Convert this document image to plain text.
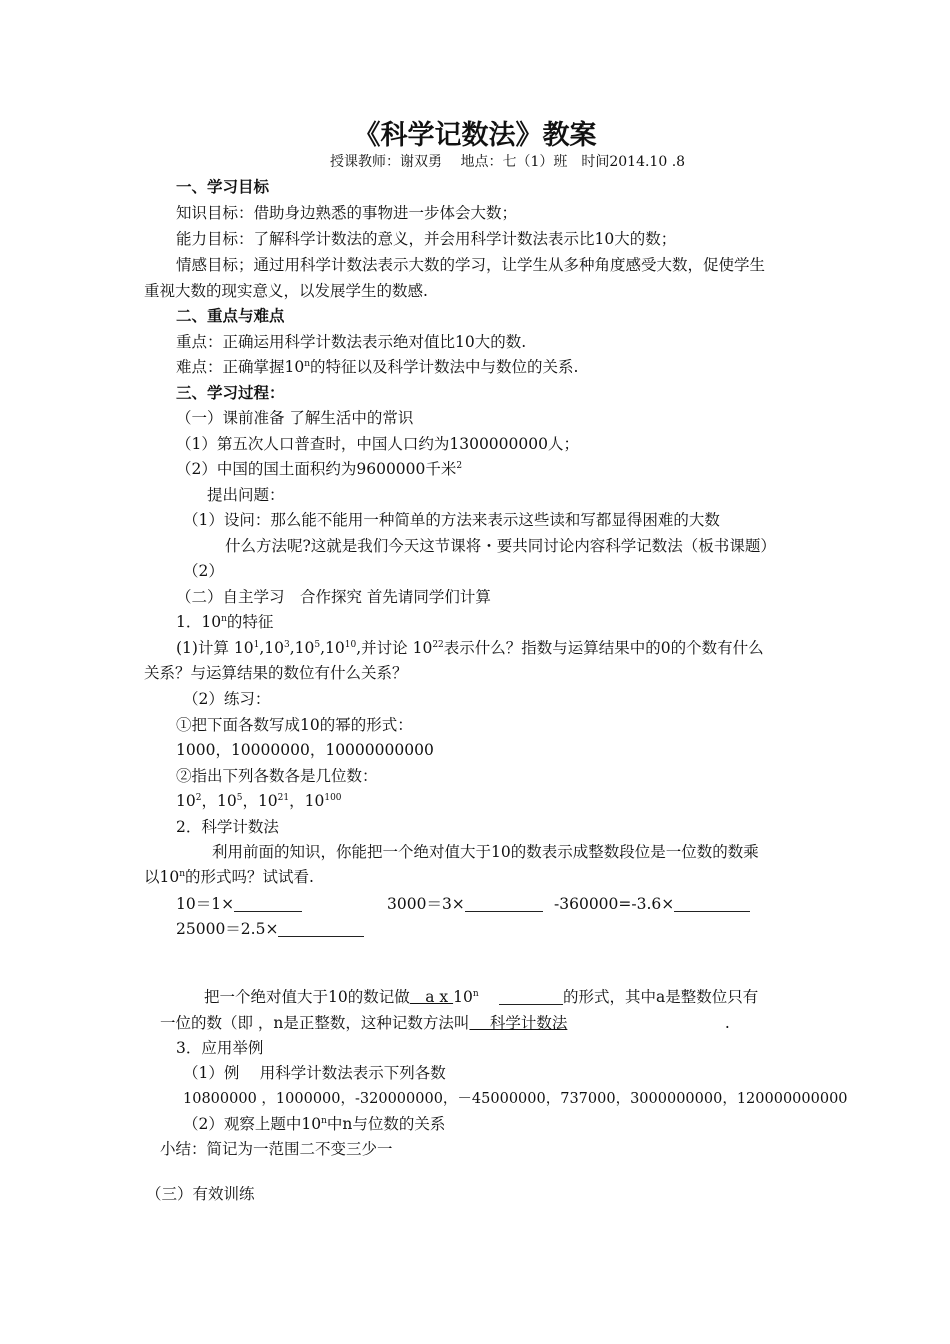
《科学记数法》教案
授课教师：谢双勇　 地点：七（1）班　时间2014.10 .8
一、学习目标
知识目标：借助身边熟悉的事物进一步体会大数；
能力目标：了解科学计数法的意义，并会用科学计数法表示比10大的数；
情感目标；通过用科学计数法表示大数的学习，让学生从多种角度感受大数，促使学生
重视大数的现实意义，以发展学生的数感.
二、重点与难点
重点：正确运用科学计数法表示绝对值比10大的数.
难点：正确掌握10$^n$的特征以及科学计数法中与数位的关系.
三、学习过程：
（一）课前准备 了解生活中的常识
（1）第五次人口普查时，中国人口约为1300000000人；
（2）中国的国土面积约为9600000千米$^2$
提出问题：
（1）设问：那么能不能用一种简单的方法来表示这些读和写都显得困难的大数
什么方法呢?这就是我们今天这节课将・要共同讨论内容科学记数法（板书课题）
（2）
（二）自主学习　合作探究 首先请同学们计算
1．10$^n$的特征
(1)计算 $10^1,10^3,10^5,10^{10}$,并讨论 $10^{22}$表示什么？指数与运算结果中的0的个数有什么
关系？与运算结果的数位有什么关系？
（2）练习：
①把下面各数写成10的幂的形式：
1000，10000000，10000000000
②指出下列各数各是几位数：
$10^2$，$10^5$，$10^{21}$，$10^{100}$
2．科学计数法
利用前面的知识，你能把一个绝对值大于10的数表示成整数段位是一位数的数乘
以10$^n$的形式吗？试试看.
10＝1×	3000＝3×	-360000=-3.6×
25000＝2.5×
把一个绝对值大于10的数记做　a x 10$^n$　	的形式，其中a是整数位只有
一位的数（即 ，n是正整数，这种记数方法叫　 科学计数法　	.
3．应用举例
（1）例　 用科学计数法表示下列各数
10800000 ，1000000，-320000000，－45000000，737000，3000000000，120000000000
（2）观察上题中10$^n$中n与位数的关系
小结：简记为一范围二不变三少一
（三）有效训练
